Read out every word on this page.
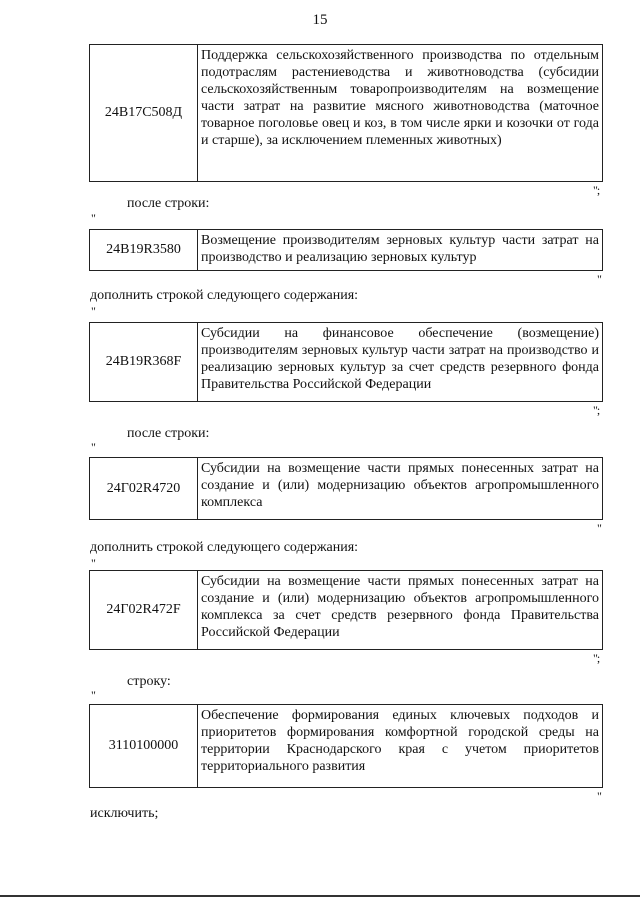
15
24В17С508Д
Поддержка сельскохозяйственного производства по отдельным подотраслям растениеводства и животноводства (субсидии сельскохозяйственным товаропроизводителям на возмещение части затрат на развитие мясного животноводства (маточное товарное поголовье овец и коз, в том числе ярки и козочки от года и старше), за исключением племенных животных)
";
после строки:
"
24В19R3580
Возмещение производителям зерновых культур части затрат на производство и реализацию зерновых культур
"
дополнить строкой следующего содержания:
"
24В19R368F
Субсидии на финансовое обеспечение (возмещение) производителям зерновых культур части затрат на производство и реализацию зерновых культур за счет средств резервного фонда Правительства Российской Федерации
";
после строки:
"
24Г02R4720
Субсидии на возмещение части прямых понесенных затрат на создание и (или) модернизацию объектов агропромышленного комплекса
"
дополнить строкой следующего содержания:
"
24Г02R472F
Субсидии на возмещение части прямых понесенных затрат на создание и (или) модернизацию объектов агропромышленного комплекса за счет средств резервного фонда Правительства Российской Федерации
";
строку:
"
3110100000
Обеспечение формирования единых ключевых подходов и приоритетов формирования комфортной городской среды на территории Краснодарского края с учетом приоритетов территориального развития
"
исключить;
